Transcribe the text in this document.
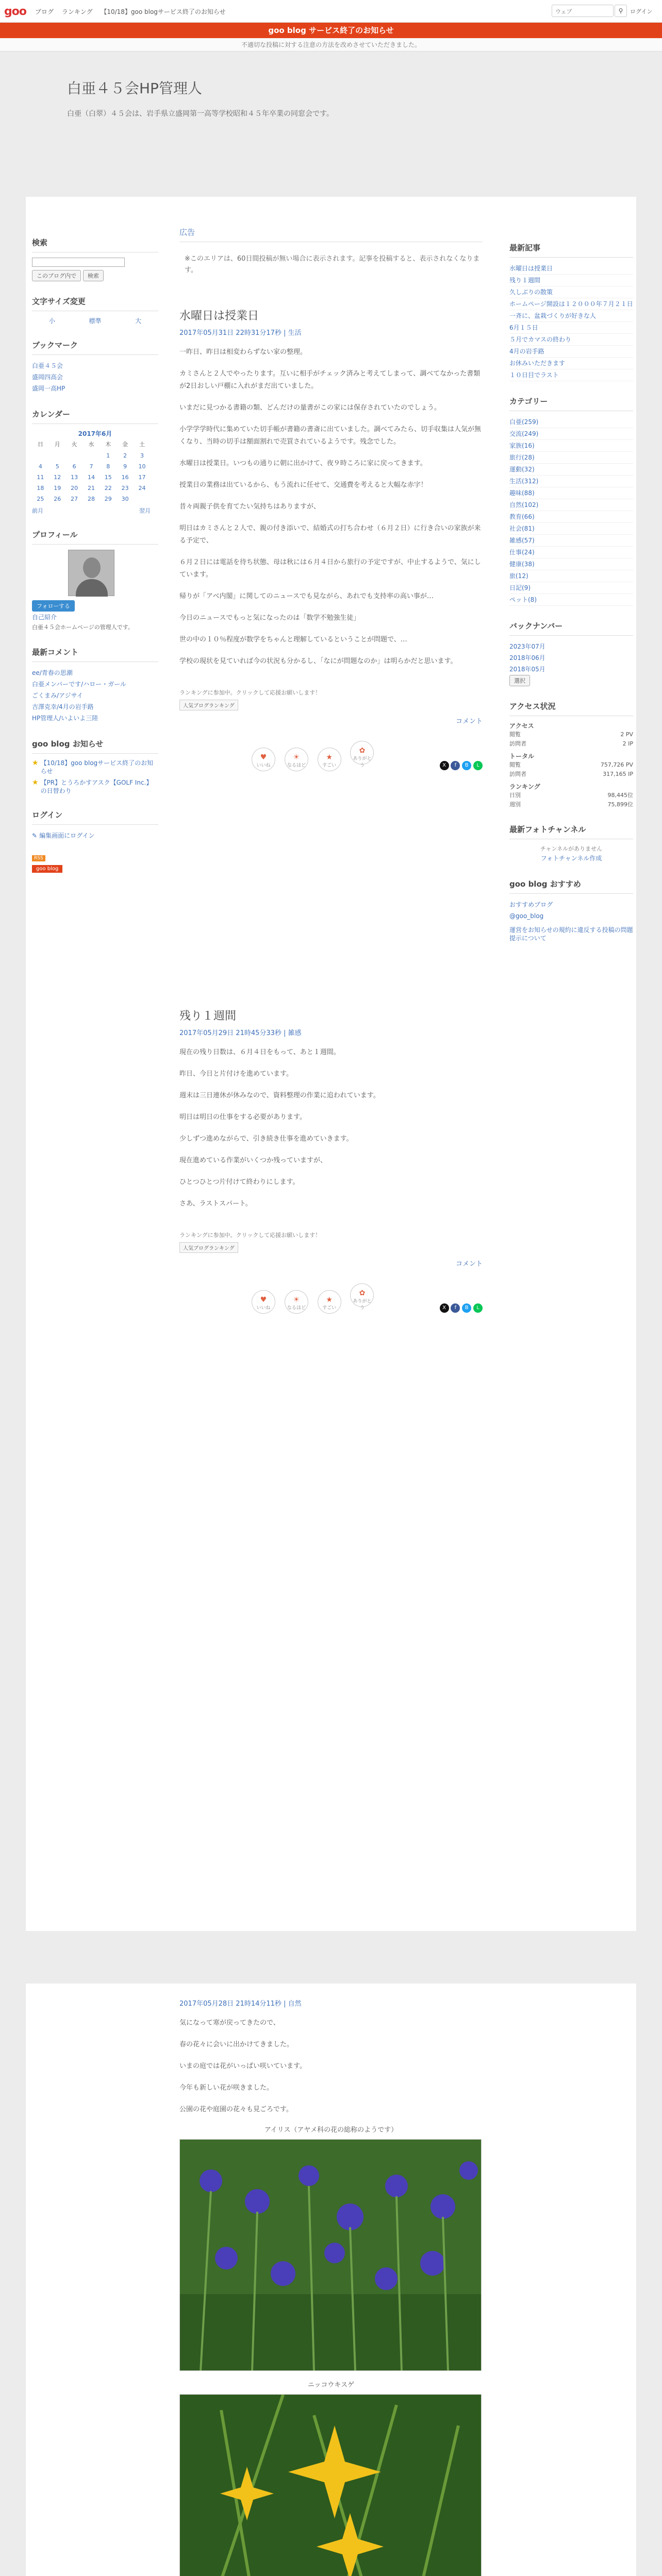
goo ブログ ランキング 【10/18】goo blogサービス終了のお知らせ	ウェブ	⚲	ログイン
goo blog サービス終了のお知らせ
不適切な投稿に対する注意の方法を改めさせていただきました。
白亜４５会HP管理人
白亜（白翠）４５会は、岩手県立盛岡第一高等学校昭和４５年卒業の同窓会です。
検索
このブログ内で 検索
文字サイズ変更
小	標準	大
ブックマーク
白亜４５会
盛岡四高会
盛岡一高HP
カレンダー
2017年6月
日	月	火	水	木	金	土
				1	2	3
4	5	6	7	8	9	10
11	12	13	14	15	16	17
18	19	20	21	22	23	24
25	26	27	28	29	30	
前月	翌月
プロフィール
フォローする
自己紹介
白亜４５会ホームページの管理人です。
最新コメント
ee/青春の思潮
白亜メンバーです/ハロー・ガール
ごくまみ/アジサイ
吉澤克幸/4月の岩手路
HP管理人/いよいよ三陸
goo blog お知らせ
★ 【10/18】goo blogサービス終了のお知らせ
★ 【PR】とうろかすアスク【GOLF Inc.】の日替わり
ログイン
✎ 編集画面にログイン
RSS
goo blog
広告
※このエリアは、60日間投稿が無い場合に表示されます。記事を投稿すると、表示されなくなります。
水曜日は授業日
2017年05月31日 22時31分17秒 | 生活

一昨日、昨日は相変わらずない家の整理。

カミさんと２人でやったります。互いに相手がチェック済みと考えてしまって、調べてなかった書類が2日おしい戸棚に入れがまだ出ていました。

いまだに見つかる書籍の類、どんだけの量書がこの家には保存されていたのでしょう。

小学学学時代に集めていた切手帳が書籍の書斎に出ていました。調べてみたら、切手収集は人気が無くなり、当時の切手は額面割れで売買されているようです。残念でした。

水曜日は授業日。いつもの通りに朝に出かけて、夜９時ころに家に戻ってきます。

授業日の業務は出ているから、もう流れに任せて、交通費を考えると大幅な赤字！

昔々両親子供を育てたい気持ちはありますが、

明日はカミさんと２人で、親の付き添いで、結婚式の打ち合わせ（６月２日）に行き合いの家族が来る予定で、

６月２日には電話を待ち状態、母は秋には６月４日から旅行の予定ですが、中止するようで、気にしています。

帰りが「アベ内閣」に関してのニュースでも見ながら、あれでも支持率の高い事が…

今日のニュースでもっと気になったのは「数学不勉強生徒」

世の中の１０％程度が数学をちゃんと理解しているということが問題で、…

学校の現状を見ていれば今の状況も分かるし、「なにが問題なのか」は明らかだと思います。

ランキングに参加中。クリックして応援お願いします！
人気ブログランキング
コメント
♥
いいね
☀
なるほど
★
すごい
✿
ありがとう	X f B L
残り１週間
2017年05月29日 21時45分33秒 | 雑感

現在の残り日数は、６月４日をもって、あと１週間。

昨日、今日と片付けを進めています。

週末は三日連休が休みなので、資料整理の作業に追われています。

明日は明日の仕事をする必要があります。

少しずつ進めながらで、引き続き仕事を進めていきます。

現在進めている作業がいくつか残っていますが、

ひとつひとつ片付けて終わりにします。

さあ、ラストスパート。

ランキングに参加中。クリックして応援お願いします！
人気ブログランキング
コメント
♥
いいね
☀
なるほど
★
すごい
✿
ありがとう	X f B L
最新記事
水曜日は授業日
残り１週間
久しぶりの散策
ホームページ開設は１２０００年７月２１日
一斉に、盆栽づくりが好きな人
6月１５日
５月でカマスの終わり
4月の岩手路
お休みいただきます
１０日目でラスト
カテゴリー
白亜(259)
交流(249)
家族(16)
旅行(28)
運動(32)
生活(312)
趣味(88)
自然(102)
教育(66)
社会(81)
雑感(57)
仕事(24)
健康(38)
旅(12)
日記(9)
ペット(8)
バックナンバー
2023年07月
2018年06月
2018年05月
選択
アクセス状況
アクセス
閲覧	2 PV
訪問者	2 IP
トータル
閲覧	757,726 PV
訪問者	317,165 IP
ランキング
日別	98,445位
週別	75,899位
最新フォトチャンネル
チャンネルがありません
フォトチャンネル作成
goo blog おすすめ
おすすめブログ
@goo_blog
運営をお知らせの規約に違反する投稿の問題提示について
2017年05月28日 21時14分11秒 | 自然

気になって寒が戻ってきたので、

春の花々に会いに出かけてきました。

いまの庭では花がいっぱい咲いています。

今年も新しい花が咲きました。

公園の花や庭園の花々も見ごろです。

アイリス（アヤメ科の花の総称のようです）
ニッコウキスゲ
